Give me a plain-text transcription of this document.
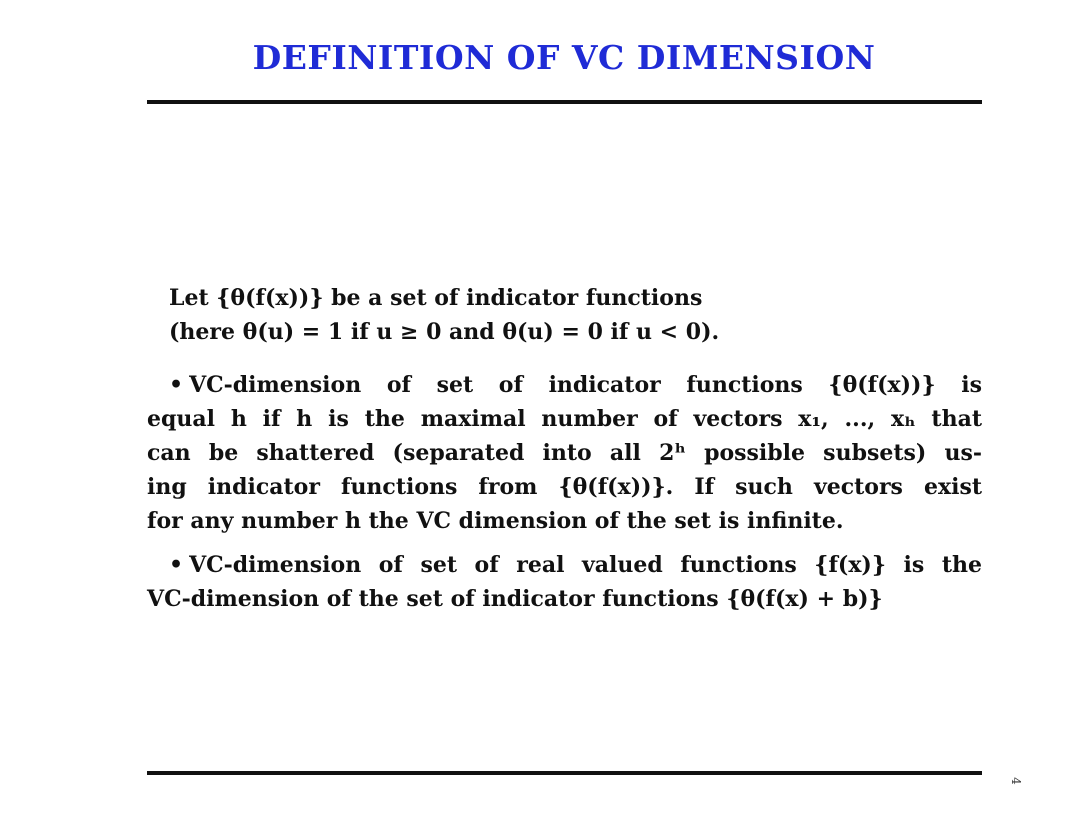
DEFINITION OF VC DIMENSION
Let {θ(f(x))} be a set of indicator functions
(here θ(u) = 1 if u ≥ 0 and θ(u) = 0 if u < 0).
• VC-dimension of set of indicator functions {θ(f(x))} is
equal h if h is the maximal number of vectors x₁, ..., xₕ that
can be shattered (separated into all 2ʰ possible subsets) us-
ing indicator functions from {θ(f(x))}. If such vectors exist
for any number h the VC dimension of the set is infinite.
• VC-dimension of set of real valued functions {f(x)} is the
VC-dimension of the set of indicator functions {θ(f(x) + b)}
4
